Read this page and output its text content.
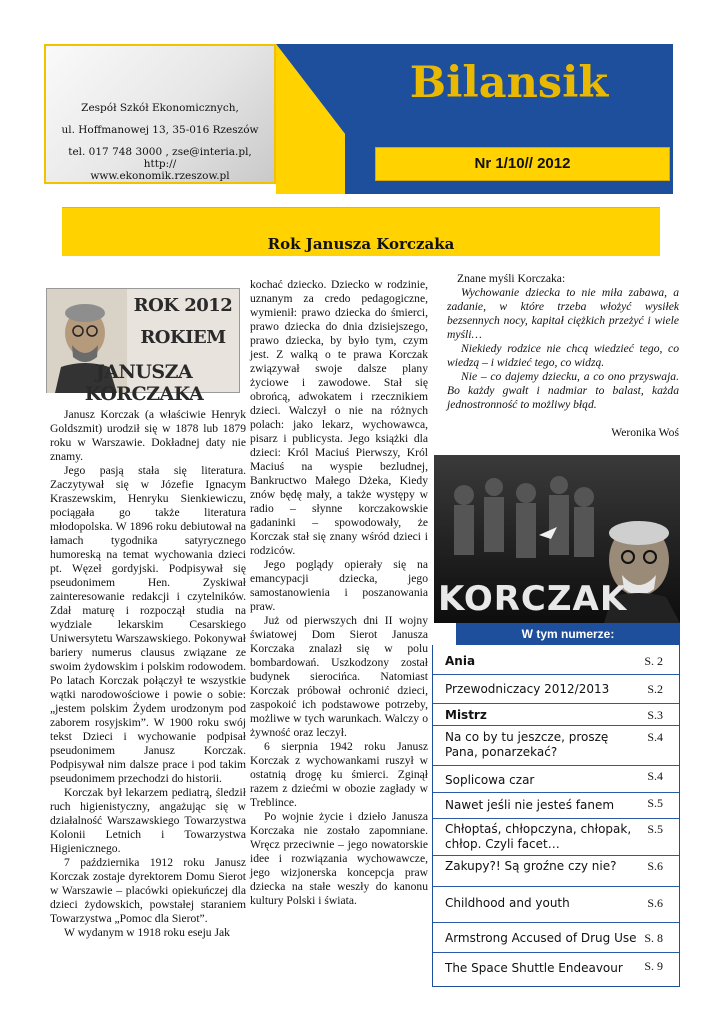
Zespół Szkół Ekonomicznych,
ul. Hoffmanowej 13, 35-016 Rzeszów
tel. 017 748 3000 , zse@interia.pl, http://
www.ekonomik.rzeszow.pl
Bilansik
Nr 1/10// 2012
Rok Janusza Korczaka
ROK 2012
ROKIEM
JANUSZA KORCZAKA

Janusz Korczak (a właściwie Henryk Goldszmit) urodził się w 1878 lub 1879 roku w Warszawie. Dokładnej daty nie znamy.

Jego pasją stała się literatura. Zaczytywał się w Józefie Ignacym Kraszewskim, Henryku Sienkiewiczu, pociągała go także literatura młodopolska. W 1896 roku debiutował na łamach tygodnika satyrycznego humoreską na temat wychowania dzieci pt. Węzeł gordyjski. Podpisywał się pseudonimem Hen. Zyskiwał zainteresowanie redakcji i czytelników. Zdał maturę i rozpoczął studia na wydziale lekarskim Cesarskiego Uniwersytetu Warszawskiego. Pokonywał bariery numerus clausus związane ze swoim żydowskim i polskim rodowodem. Po latach Korczak połączył te wszystkie wątki narodowościowe i powie o sobie: „jestem polskim Żydem urodzonym pod zaborem rosyjskim”. W 1900 roku swój tekst Dzieci i wychowanie podpisał pseudonimem Janusz Korczak. Podpisywał nim dalsze prace i pod takim pseudonimem przechodzi do historii.

Korczak był lekarzem pediatrą, śledził ruch higienistyczny, angażując się w działalność Warszawskiego Towarzystwa Kolonii Letnich i Towarzystwa Higienicznego.

7 października 1912 roku Janusz Korczak zostaje dyrektorem Domu Sierot w Warszawie – placówki opiekuńczej dla dzieci żydowskich, powstałej staraniem Towarzystwa „Pomoc dla Sierot”.

W wydanym w 1918 roku eseju Jak

kochać dziecko. Dziecko w rodzinie, uznanym za credo pedagogiczne, wymienił: prawo dziecka do śmierci, prawo dziecka do dnia dzisiejszego, prawo dziecka, by było tym, czym jest. Z walką o te prawa Korczak związywał swoje dalsze plany życiowe i zawodowe. Stał się obrońcą, adwokatem i rzecznikiem dzieci. Walczył o nie na różnych polach: jako lekarz, wychowawca, pisarz i publicysta. Jego książki dla dzieci: Król Maciuś Pierwszy, Król Maciuś na wyspie bezludnej, Bankructwo Małego Dżeka, Kiedy znów będę mały, a także występy w radio – słynne korczakowskie gadaninki – spowodowały, że Korczak stał się znany wśród dzieci i rodziców.

Jego poglądy opierały się na emancypacji dziecka, jego samostanowienia i poszanowania praw.

Już od pierwszych dni II wojny światowej Dom Sierot Janusza Korczaka znalazł się w polu bombardowań. Uszkodzony został budynek sierocińca. Natomiast Korczak próbował ochronić dzieci, zaspokoić ich podstawowe potrzeby, możliwe w tych warunkach. Walczy o żywność oraz leczył.

6 sierpnia 1942 roku Janusz Korczak z wychowankami ruszył w ostatnią drogę ku śmierci. Zginął razem z dziećmi w obozie zagłady w Treblince.

Po wojnie życie i dzieło Janusza Korczaka nie zostało zapomniane. Wręcz przeciwnie – jego nowatorskie idee i rozwiązania wychowawcze, jego wizjonerska koncepcja praw dziecka na stałe weszły do kanonu kultury Polski i świata.

Znane myśli Korczaka:

Wychowanie dziecka to nie miła zabawa, a zadanie, w które trzeba włożyć wysiłek bezsennych nocy, kapitał ciężkich przeżyć i wiele myśli…

Niekiedy rodzice nie chcą wiedzieć tego, co wiedzą – i widzieć tego, co widzą.

Nie – co dajemy dziecku, a co ono przyswaja. Bo każdy gwałt i nadmiar to balast, każda jednostronność to możliwy błąd.

Weronika Woś
KORCZAK
W tym numerze:
Ania	S. 2
Przewodniczacy 2012/2013	S.2
Mistrz	S.3
Na co by tu jeszcze, proszę Pana, ponarzekać?
S.4
Soplicowa czar	S.4
Nawet jeśli nie jesteś fanem	S.5
Chłoptaś, chłopczyna, chłopak, chłop. Czyli facet…
S.5
Zakupy?! Są groźne czy nie?	S.6
Childhood and youth	S.6
Armstrong Accused of Drug Use S. 8
The Space Shuttle Endeavour S. 9
